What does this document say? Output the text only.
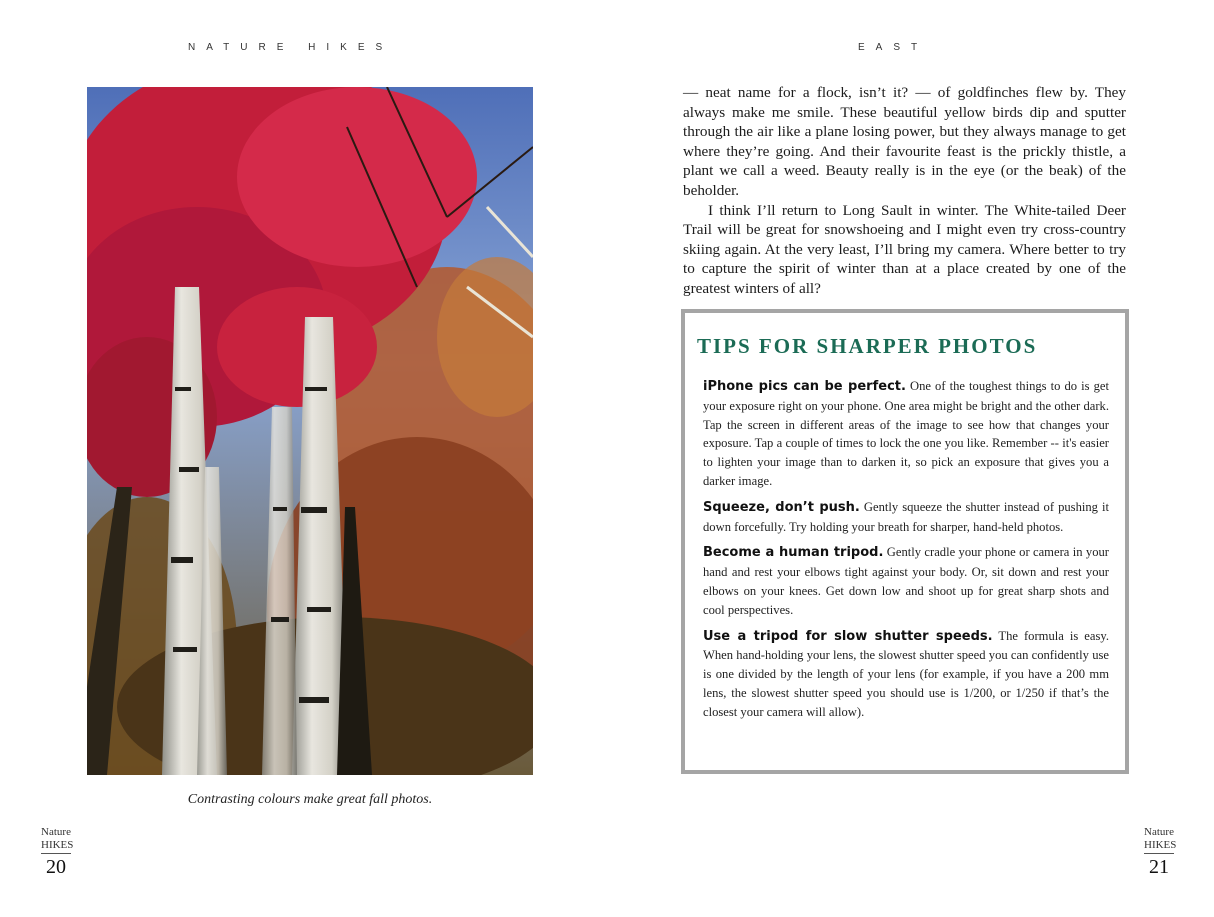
NATURE HIKES	EAST
Contrasting colours make great fall photos.

— neat name for a flock, isn’t it? — of goldfinches flew by. They always make me smile. These beautiful yellow birds dip and sputter through the air like a plane losing power, but they always manage to get where they’re going. And their favourite feast is the prickly thistle, a plant we call a weed. Beauty really is in the eye (or the beak) of the beholder.

I think I’ll return to Long Sault in winter. The White-tailed Deer Trail will be great for snowshoeing and I might even try cross-country skiing again. At the very least, I’ll bring my camera. Where better to try to capture the spirit of winter than at a place created by one of the greatest winters of all?

TIPS FOR SHARPER PHOTOS
iPhone pics can be perfect. One of the toughest things to do is get your exposure right on your phone. One area might be bright and the other dark. Tap the screen in different areas of the image to see how that changes your exposure. Tap a couple of times to lock the one you like. Remember -- it's easier to lighten your image than to darken it, so pick an exposure that gives you a darker image.
Squeeze, don’t push. Gently squeeze the shutter instead of pushing it down forcefully. Try holding your breath for sharper, hand-held photos.
Become a human tripod. Gently cradle your phone or camera in your hand and rest your elbows tight against your body. Or, sit down and rest your elbows on your knees. Get down low and shoot up for great sharp shots and cool perspectives.
Use a tripod for slow shutter speeds. The formula is easy. When hand-holding your lens, the slowest shutter speed you can confidently use is one divided by the length of your lens (for example, if you have a 200 mm lens, the slowest shutter speed you should use is 1/200, or 1/250 if that’s the closest your camera will allow).
Nature
HIKES
20
Nature
HIKES
21
